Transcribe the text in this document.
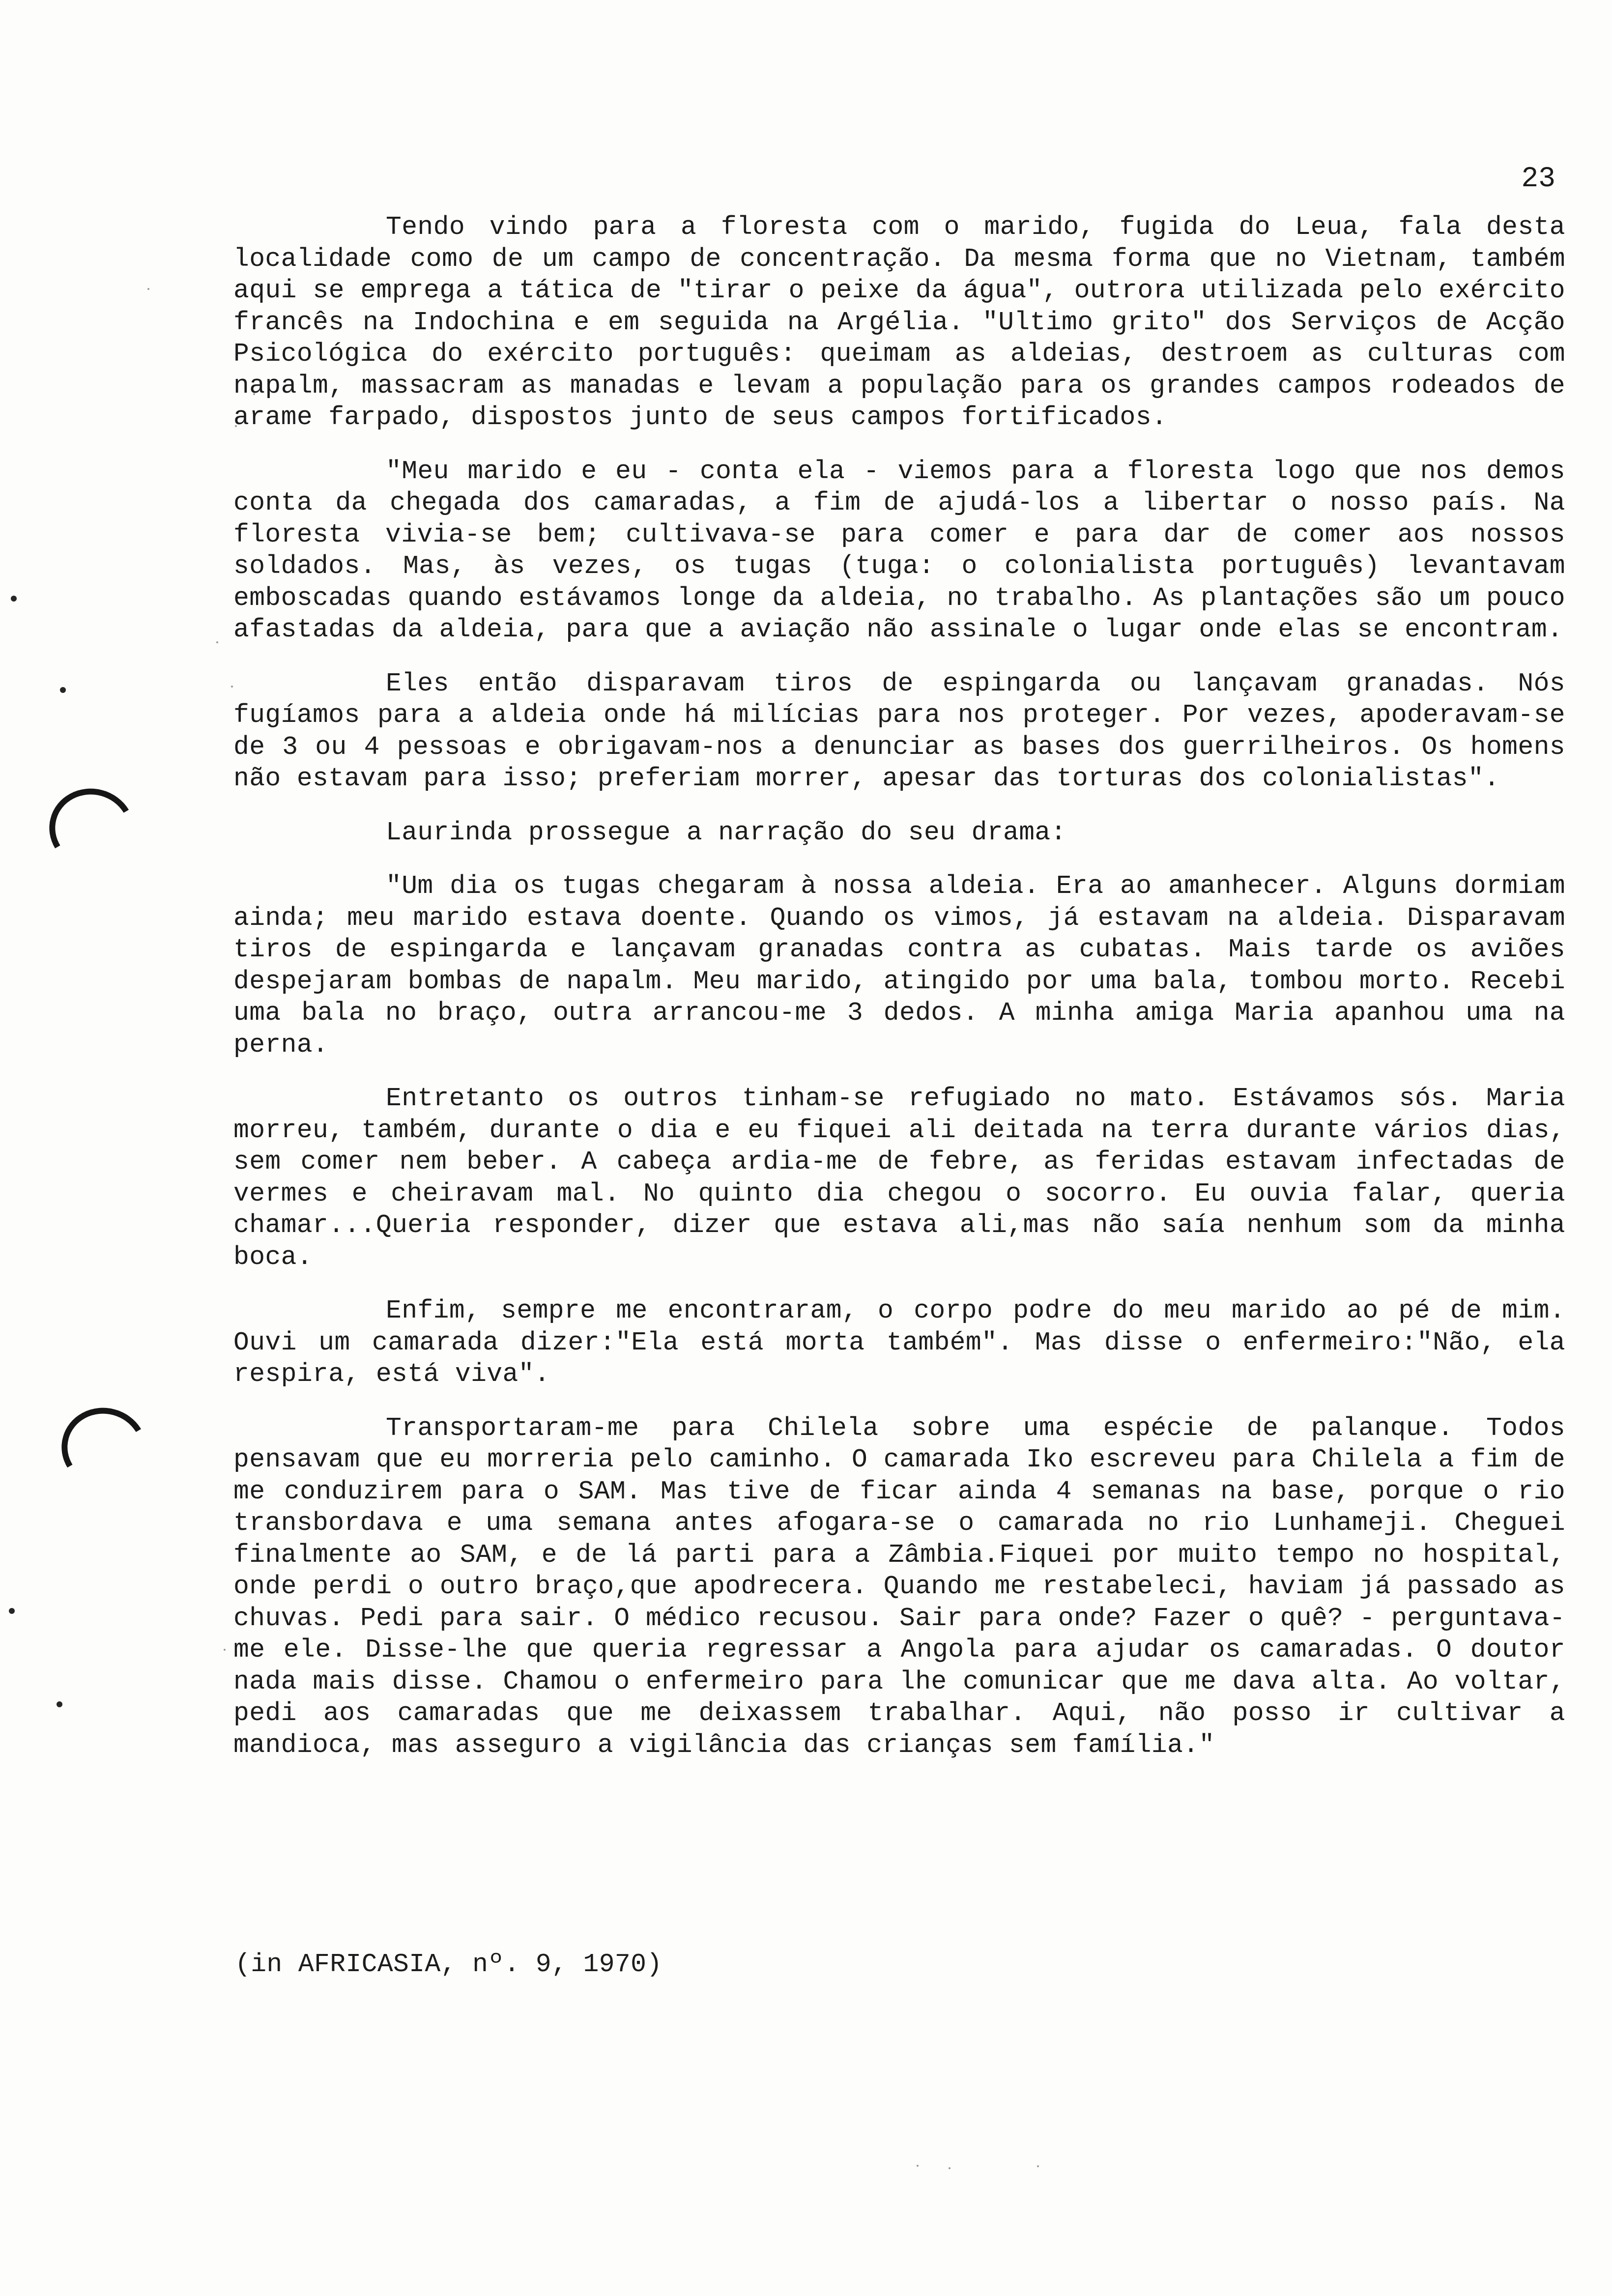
23

Tendo vindo para a floresta com o marido, fugida do Leua, fala desta localidade como de um campo de concentração. Da mesma forma que no Vietnam, também aqui se emprega a tática de "tirar o peixe da água", outrora utilizada pelo exército francês na Indochina e em seguida na Argélia. "Ultimo grito" dos Serviços de Acção Psicológica do exército português: queimam as aldeias, destroem as culturas com napalm, massacram as manadas e levam a população para os grandes campos rodeados de arame farpado, dispostos junto de seus campos fortificados.

"Meu marido e eu - conta ela - viemos para a floresta logo que nos demos conta da chegada dos camaradas, a fim de ajudá-los a libertar o nosso país. Na floresta vivia-se bem; cultivava-se para comer e para dar de comer aos nossos soldados. Mas, às vezes, os tugas (tuga: o colonialista português) levantavam emboscadas quando estávamos longe da aldeia, no trabalho. As plantações são um pouco afastadas da aldeia, para que a aviação não assinale o lugar onde elas se encontram.

Eles então disparavam tiros de espingarda ou lançavam granadas. Nós fugíamos para a aldeia onde há milícias para nos proteger. Por vezes, apoderavam-se de 3 ou 4 pessoas e obrigavam-nos a denunciar as bases dos guerrilheiros. Os homens não estavam para isso; preferiam morrer, apesar das torturas dos colonialistas".

Laurinda prossegue a narração do seu drama:

"Um dia os tugas chegaram à nossa aldeia. Era ao amanhecer. Alguns dormiam ainda; meu marido estava doente. Quando os vimos, já estavam na aldeia. Disparavam tiros de espingarda e lançavam granadas contra as cubatas. Mais tarde os aviões despejaram bombas de napalm. Meu marido, atingido por uma bala, tombou morto. Recebi uma bala no braço, outra arrancou-me 3 dedos. A minha amiga Maria apanhou uma na perna.

Entretanto os outros tinham-se refugiado no mato. Estávamos sós. Maria morreu, também, durante o dia e eu fiquei ali deitada na terra durante vários dias, sem comer nem beber. A cabeça ardia-me de febre, as feridas estavam infectadas de vermes e cheiravam mal. No quinto dia chegou o socorro. Eu ouvia falar, queria chamar...Queria responder, dizer que estava ali,mas não saía nenhum som da minha boca.

Enfim, sempre me encontraram, o corpo podre do meu marido ao pé de mim. Ouvi um camarada dizer:"Ela está morta também". Mas disse o enfermeiro:"Não, ela respira, está viva".

Transportaram-me para Chilela sobre uma espécie de palanque. Todos pensavam que eu morreria pelo caminho. O camarada Iko escreveu para Chilela a fim de me conduzirem para o SAM. Mas tive de ficar ainda 4 semanas na base, porque o rio transbordava e uma semana antes afogara-se o camarada no rio Lunhameji. Cheguei finalmente ao SAM, e de lá parti para a Zâmbia.Fiquei por muito tempo no hospital, onde perdi o outro braço,que apodrecera. Quando me restabeleci, haviam já passado as chuvas. Pedi para sair. O médico recusou. Sair para onde? Fazer o quê? - perguntava-me ele. Disse-lhe que queria regressar a Angola para ajudar os camaradas. O doutor nada mais disse. Chamou o enfermeiro para lhe comunicar que me dava alta. Ao voltar, pedi aos camaradas que me deixassem trabalhar. Aqui, não posso ir cultivar a mandioca, mas asseguro a vigilância das crianças sem família."

(in AFRICASIA, nº. 9, 1970)
